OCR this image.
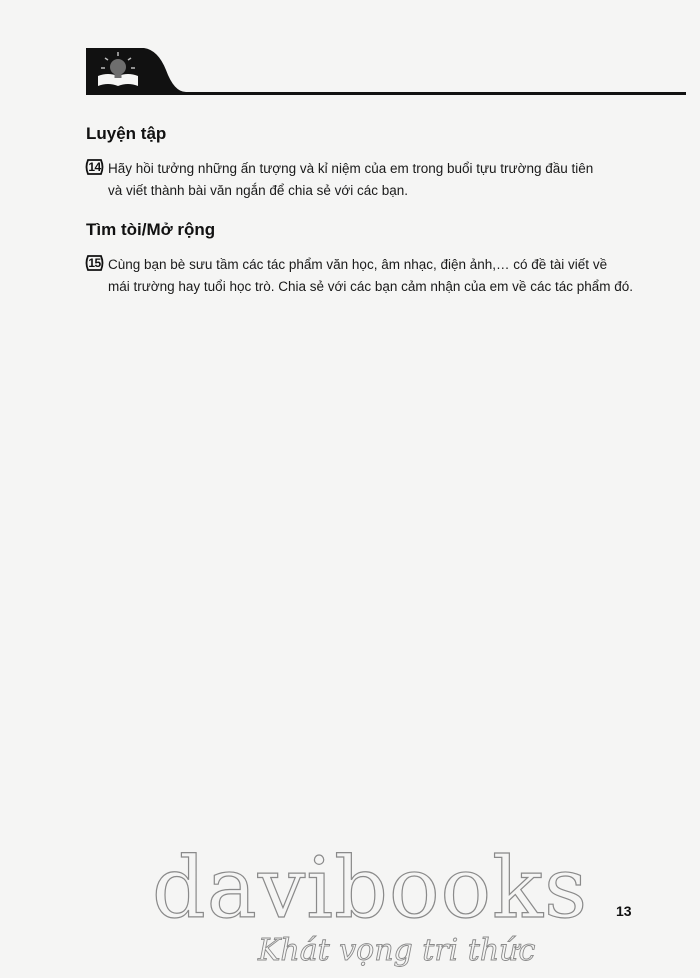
Luyện tập
14 Hãy hồi tưởng những ấn tượng và kỉ niệm của em trong buổi tựu trường đầu tiên
và viết thành bài văn ngắn để chia sẻ với các bạn.
Tìm tòi/Mở rộng
15 Cùng bạn bè sưu tầm các tác phẩm văn học, âm nhạc, điện ảnh,… có đề tài viết về
mái trường hay tuổi học trò. Chia sẻ với các bạn cảm nhận của em về các tác phẩm đó.
davibooks
Khát vọng tri thức
13
